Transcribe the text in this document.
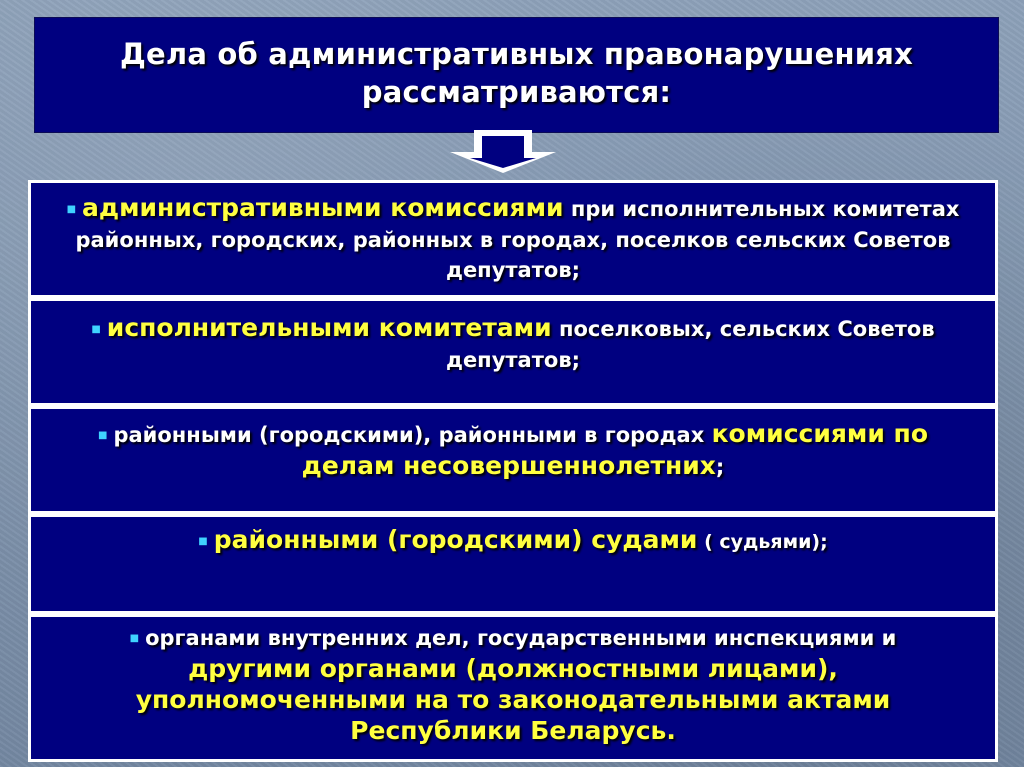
Дела об административных правонарушениях
рассматриваются:
■ административными комиссиями при исполнительных комитетах районных, городских, районных в городах, поселков сельских Советов депутатов;
■ исполнительными комитетами поселковых, сельских Советов депутатов;
■ районными (городскими), районными в городах комиссиями по делам несовершеннолетних;
■ районными (городскими) судами ( судьями);
■ органами внутренних дел, государственными инспекциями и
другими органами (должностными лицами), уполномоченными на то законодательными актами Республики Беларусь.
